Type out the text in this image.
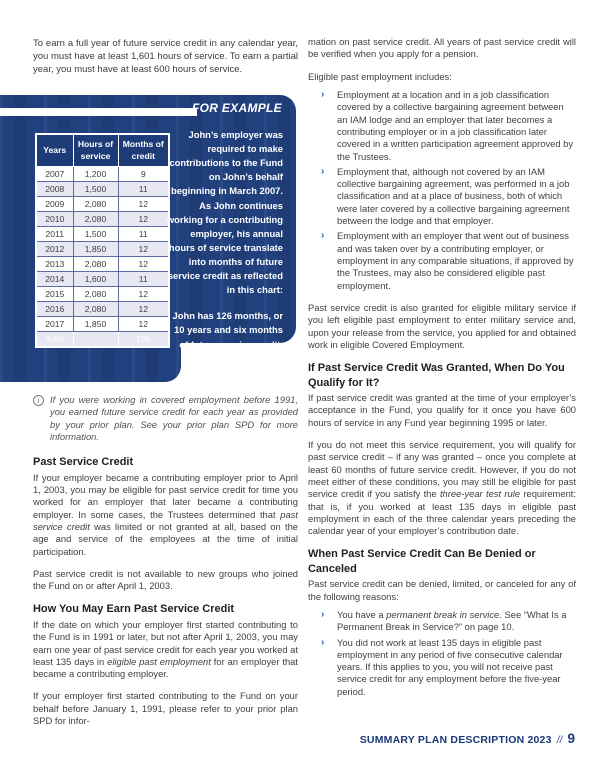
To earn a full year of future service credit in any calendar year, you must have at least 1,601 hours of service. To earn a partial year, you must have at least 600 hours of service.

FOR EXAMPLE
Years	Hours of service	Months of credit
2007	1,200	9
2008	1,500	11
2009	2,080	12
2010	2,080	12
2011	1,500	11
2012	1,850	12
2013	2,080	12
2014	1,600	11
2015	2,080	12
2016	2,080	12
2017	1,850	12
Total		126

John’s employer was required to make contributions to the Fund on John’s behalf beginning in March 2007. As John continues working for a contributing employer, his annual hours of service translate into months of future service credit as reflected in this chart:

John has 126 months, or 10 years and six months of future service credit.

i	If you were working in covered employment before 1991, you earned future service credit for each year as provided by your prior plan. See your prior plan SPD for more information.
Past Service Credit

If your employer became a contributing employer prior to April 1, 2003, you may be eligible for past service credit for time you worked for an employer that later became a contributing employer. In some cases, the Trustees determined that past service credit was limited or not granted at all, based on the age and service of the employees at the time of initial participation.

Past service credit is not available to new groups who joined the Fund on or after April 1, 2003.

How You May Earn Past Service Credit

If the date on which your employer first started contributing to the Fund is in 1991 or later, but not after April 1, 2003, you may earn one year of past service credit for each year you worked at least 135 days in eligible past employment for an employer that became a contributing employer.

If your employer first started contributing to the Fund on your behalf before January 1, 1991, please refer to your prior plan SPD for infor-

mation on past service credit. All years of past service credit will be verified when you apply for a pension.

Eligible past employment includes:

›	Employment at a location and in a job classification covered by a collective bargaining agreement between an IAM lodge and an employer that later becomes a contributing employer or in a job classification later covered in a written participation agreement approved by the Trustees.
›	Employment that, although not covered by an IAM collective bargaining agreement, was performed in a job classification and at a place of business, both of which were later covered by a collective bargaining agreement between the lodge and that employer.
›	Employment with an employer that went out of business and was taken over by a contributing employer, or employment in any comparable situations, if approved by the Trustees, may also be considered eligible past employment.

Past service credit is also granted for eligible military service if you left eligible past employment to enter military service and, upon your release from the service, you applied for and obtained work in eligible Covered Employment.

If Past Service Credit Was Granted, When Do You Qualify for It?

If past service credit was granted at the time of your employer’s acceptance in the Fund, you qualify for it once you have 600 hours of service in any Fund year beginning 1995 or later.

If you do not meet this service requirement, you will qualify for past service credit – if any was granted – once you complete at least 60 months of future service credit. However, if you do not meet either of these conditions, you may still be eligible for past service credit if you satisfy the three-year test rule requirement: that is, if you worked at least 135 days in eligible past employment in each of the three calendar years preceding the calendar year of your employer’s contribution date.

When Past Service Credit Can Be Denied or Canceled

Past service credit can be denied, limited, or canceled for any of the following reasons:

›	You have a permanent break in service. See “What Is a Permanent Break in Service?” on page 10.
›	You did not work at least 135 days in eligible past employment in any period of five consecutive calendar years. If this applies to you, you will not receive past service credit for any employment before the five-year period.
SUMMARY PLAN DESCRIPTION 2023 // 9
